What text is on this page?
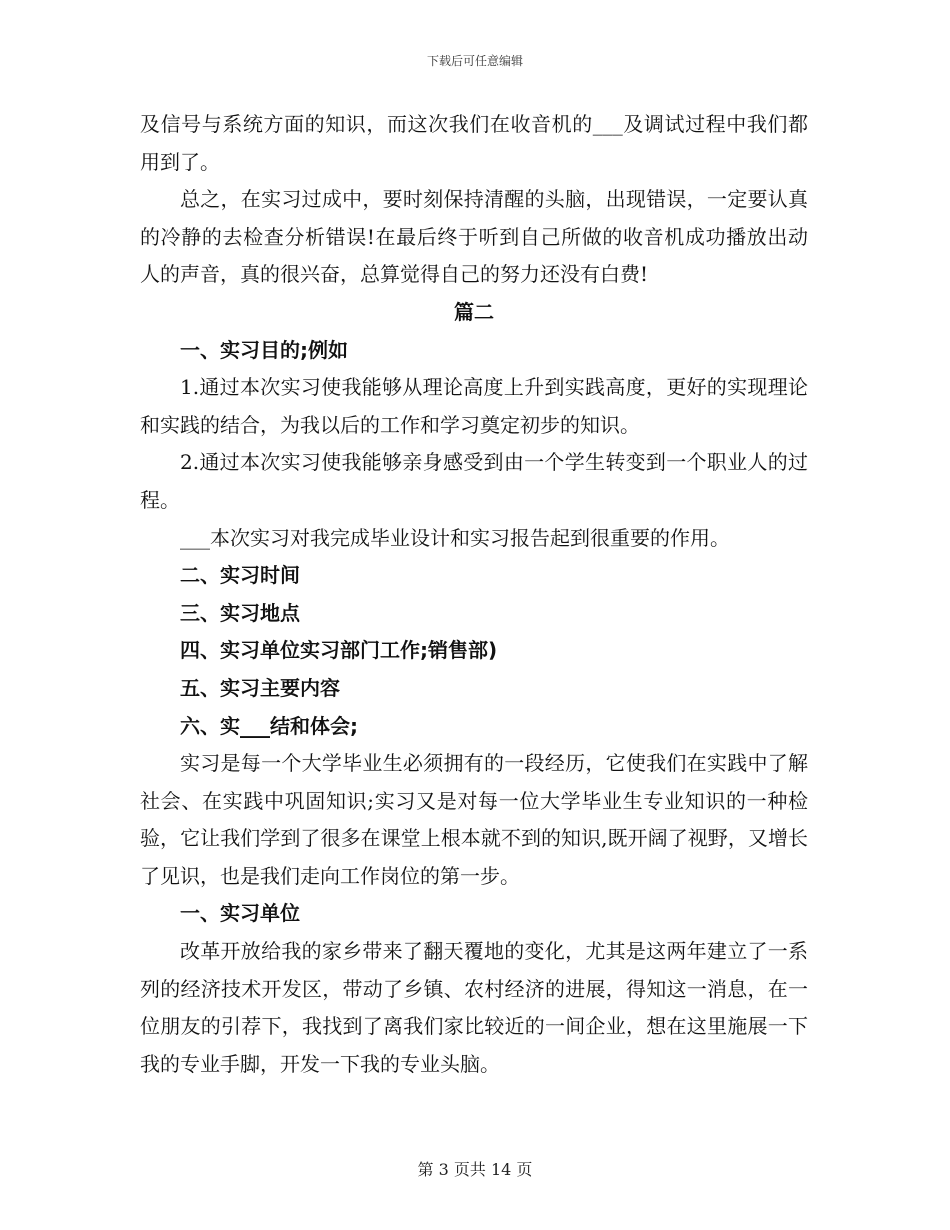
下载后可任意编辑

及信号与系统方面的知识，而这次我们在收音机的___及调试过程中我们都用到了。

总之，在实习过成中，要时刻保持清醒的头脑，出现错误，一定要认真的冷静的去检查分析错误!在最后终于听到自己所做的收音机成功播放出动人的声音，真的很兴奋，总算觉得自己的努力还没有白费!

篇二

一、实习目的;例如

1.通过本次实习使我能够从理论高度上升到实践高度，更好的实现理论和实践的结合，为我以后的工作和学习奠定初步的知识。

2.通过本次实习使我能够亲身感受到由一个学生转变到一个职业人的过程。

___本次实习对我完成毕业设计和实习报告起到很重要的作用。

二、实习时间

三、实习地点

四、实习单位实习部门工作;销售部)

五、实习主要内容

六、实___结和体会;

实习是每一个大学毕业生必须拥有的一段经历，它使我们在实践中了解社会、在实践中巩固知识;实习又是对每一位大学毕业生专业知识的一种检验，它让我们学到了很多在课堂上根本就不到的知识,既开阔了视野，又增长了见识，也是我们走向工作岗位的第一步。

一、实习单位

改革开放给我的家乡带来了翻天覆地的变化，尤其是这两年建立了一系列的经济技术开发区，带动了乡镇、农村经济的进展，得知这一消息，在一位朋友的引荐下，我找到了离我们家比较近的一间企业，想在这里施展一下我的专业手脚，开发一下我的专业头脑。

第 3 页共 14 页
